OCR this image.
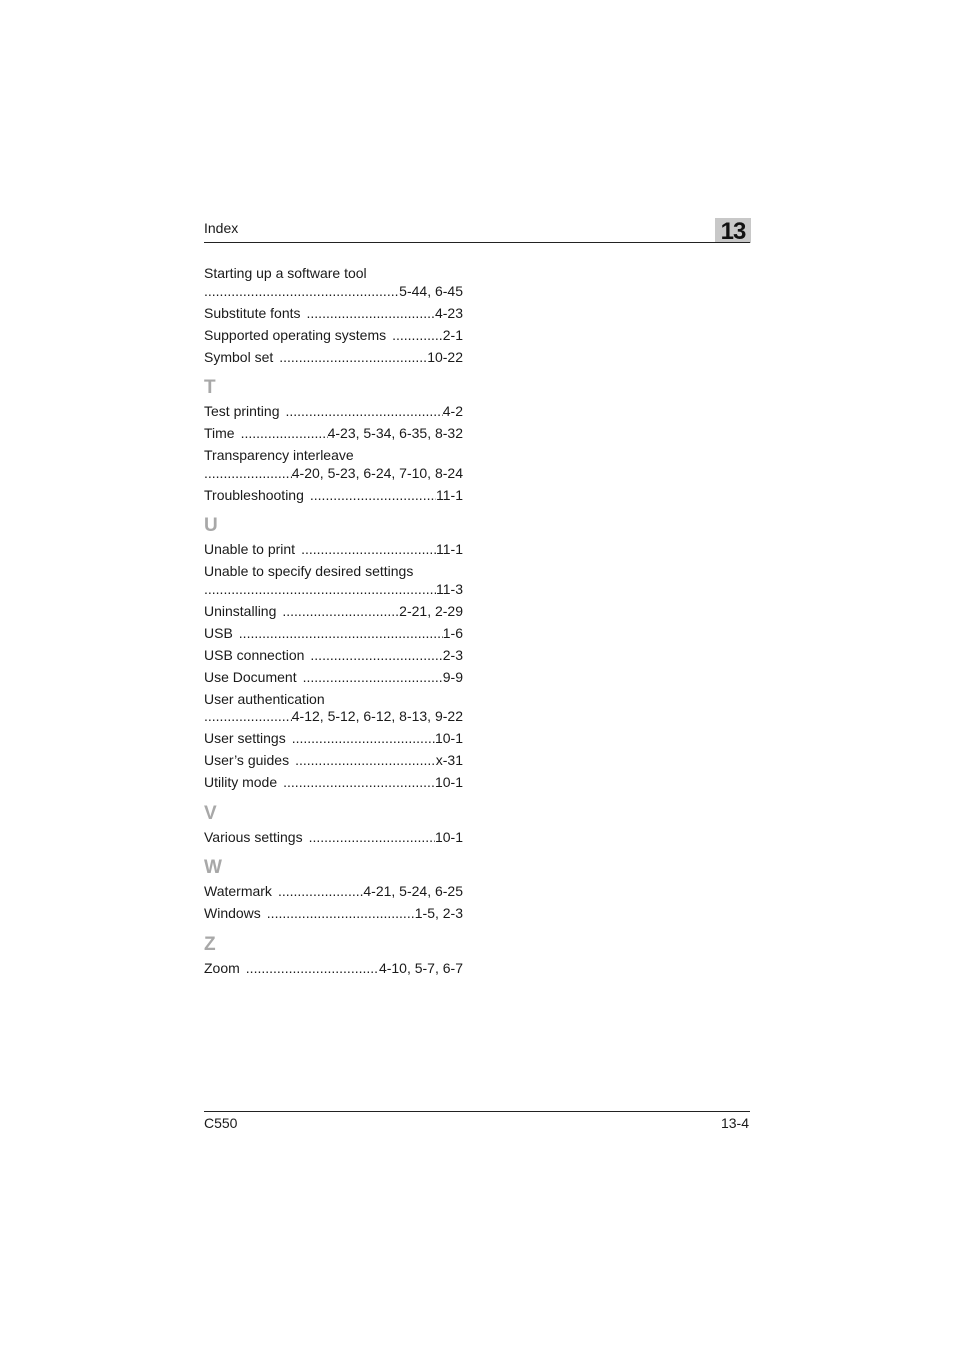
Index	13
Starting up a software tool
.....
5-44, 6-45
Substitute fonts .....	4-23
Supported operating systems .....	2-1
Symbol set .....	10-22
T
Test printing .....	4-2
Time .....	4-23, 5-34, 6-35, 8-32
Transparency interleave
.....
4-20, 5-23, 6-24, 7-10, 8-24
Troubleshooting .....	11-1
U
Unable to print .....	11-1
Unable to specify desired settings
.....
11-3
Uninstalling .....	2-21, 2-29
USB .....	1-6
USB connection .....	2-3
Use Document .....	9-9
User authentication
.....
4-12, 5-12, 6-12, 8-13, 9-22
User settings .....	10-1
User’s guides .....	x-31
Utility mode .....	10-1
V
Various settings .....	10-1
W
Watermark .....	4-21, 5-24, 6-25
Windows .....	1-5, 2-3
Z
Zoom .....	4-10, 5-7, 6-7
C550	13-4
